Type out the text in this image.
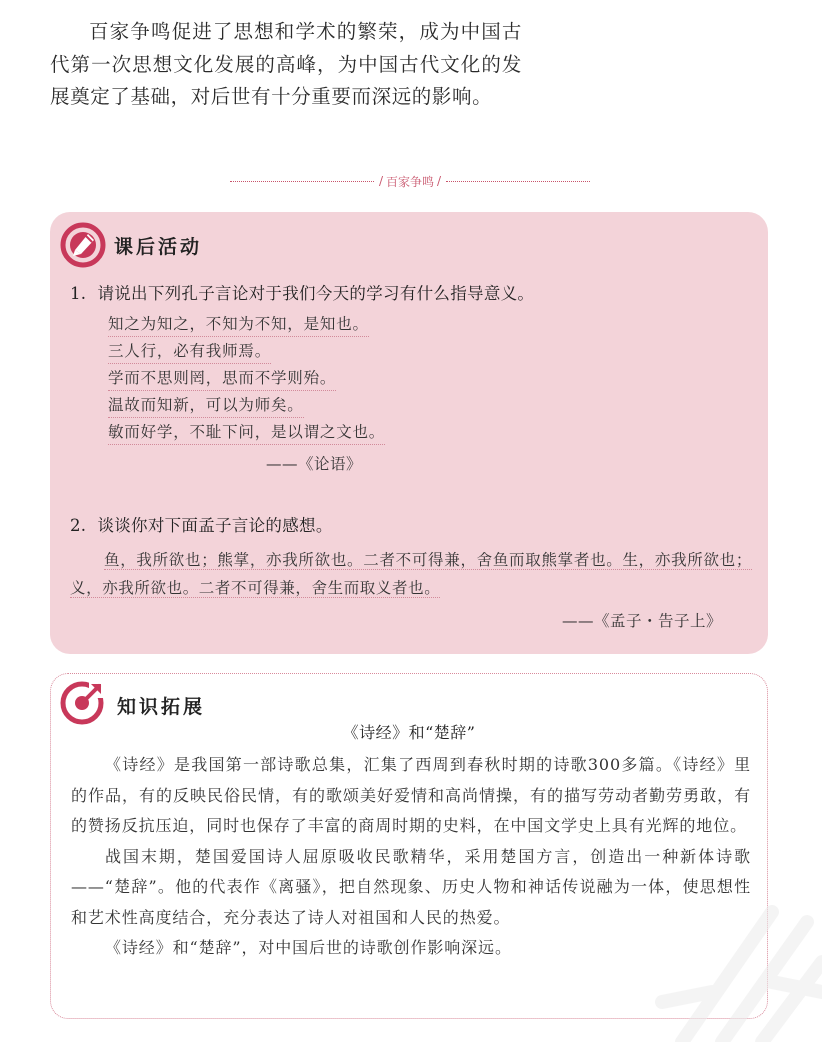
百家争鸣促进了思想和学术的繁荣，成为中国古代第一次思想文化发展的高峰，为中国古代文化的发展奠定了基础，对后世有十分重要而深远的影响。

/ 百家争鸣 /
课后活动
1. 请说出下列孔子言论对于我们今天的学习有什么指导意义。
知之为知之，不知为不知，是知也。
三人行，必有我师焉。
学而不思则罔，思而不学则殆。
温故而知新，可以为师矣。
敏而好学，不耻下问，是以谓之文也。
——《论语》
2. 谈谈你对下面孟子言论的感想。
鱼，我所欲也；熊掌，亦我所欲也。二者不可得兼，舍鱼而取熊掌者也。生，亦我所欲也；义，亦我所欲也。二者不可得兼，舍生而取义者也。
——《孟子・告子上》
知识拓展
《诗经》和“楚辞”

《诗经》是我国第一部诗歌总集，汇集了西周到春秋时期的诗歌300多篇。《诗经》里的作品，有的反映民俗民情，有的歌颂美好爱情和高尚情操，有的描写劳动者勤劳勇敢，有的赞扬反抗压迫，同时也保存了丰富的商周时期的史料，在中国文学史上具有光辉的地位。

战国末期，楚国爱国诗人屈原吸收民歌精华，采用楚国方言，创造出一种新体诗歌——“楚辞”。他的代表作《离骚》，把自然现象、历史人物和神话传说融为一体，使思想性和艺术性高度结合，充分表达了诗人对祖国和人民的热爱。

《诗经》和“楚辞”，对中国后世的诗歌创作影响深远。
